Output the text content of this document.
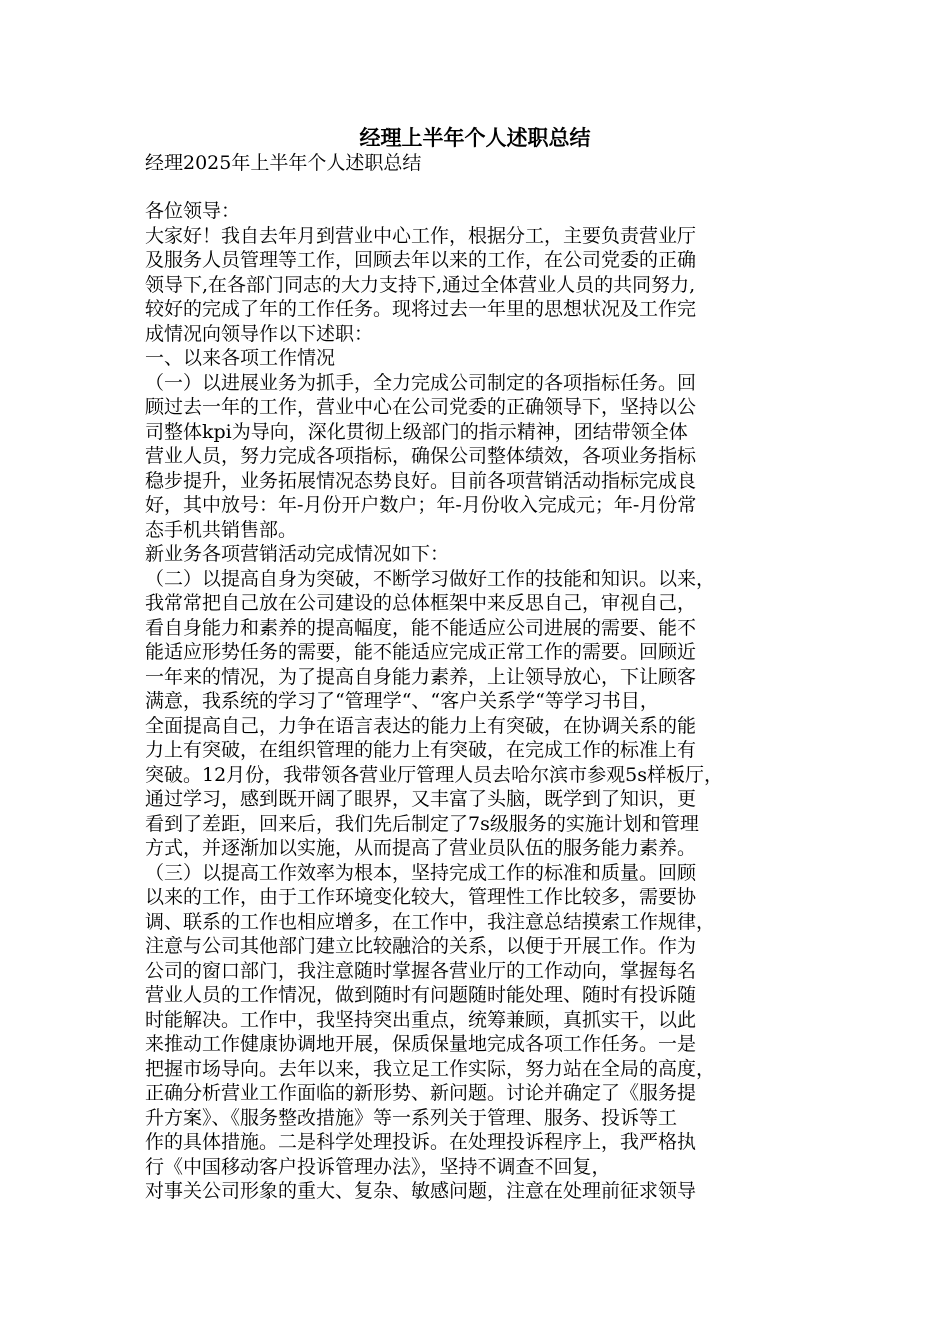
经理上半年个人述职总结

经理2025年上半年个人述职总结

各位领导：
大家好！我自去年月到营业中心工作，根据分工，主要负责营业厅
及服务人员管理等工作，回顾去年以来的工作，在公司党委的正确
领导下,在各部门同志的大力支持下,通过全体营业人员的共同努力,
较好的完成了年的工作任务。现将过去一年里的思想状况及工作完
成情况向领导作以下述职：
一、以来各项工作情况
（一）以进展业务为抓手，全力完成公司制定的各项指标任务。回
顾过去一年的工作，营业中心在公司党委的正确领导下，坚持以公
司整体kpi为导向，深化贯彻上级部门的指示精神，团结带领全体
营业人员，努力完成各项指标，确保公司整体绩效，各项业务指标
稳步提升，业务拓展情况态势良好。目前各项营销活动指标完成良
好，其中放号：年-月份开户数户；年-月份收入完成元；年-月份常
态手机共销售部。
新业务各项营销活动完成情况如下：
（二）以提高自身为突破，不断学习做好工作的技能和知识。以来，
我常常把自己放在公司建设的总体框架中来反思自己，审视自己，
看自身能力和素养的提高幅度，能不能适应公司进展的需要、能不
能适应形势任务的需要，能不能适应完成正常工作的需要。回顾近
一年来的情况，为了提高自身能力素养，上让领导放心，下让顾客
满意，我系统的学习了“管理学“、“客户关系学“等学习书目，
全面提高自己，力争在语言表达的能力上有突破，在协调关系的能
力上有突破，在组织管理的能力上有突破，在完成工作的标准上有
突破。12月份，我带领各营业厅管理人员去哈尔滨市参观5s样板厅，
通过学习，感到既开阔了眼界，又丰富了头脑，既学到了知识，更
看到了差距，回来后，我们先后制定了7s级服务的实施计划和管理
方式，并逐渐加以实施，从而提高了营业员队伍的服务能力素养。
（三）以提高工作效率为根本，坚持完成工作的标准和质量。回顾
以来的工作，由于工作环境变化较大，管理性工作比较多，需要协
调、联系的工作也相应增多，在工作中，我注意总结摸索工作规律，
注意与公司其他部门建立比较融洽的关系，以便于开展工作。作为
公司的窗口部门，我注意随时掌握各营业厅的工作动向，掌握每名
营业人员的工作情况，做到随时有问题随时能处理、随时有投诉随
时能解决。工作中，我坚持突出重点，统筹兼顾，真抓实干，以此
来推动工作健康协调地开展，保质保量地完成各项工作任务。一是
把握市场导向。去年以来，我立足工作实际，努力站在全局的高度，
正确分析营业工作面临的新形势、新问题。讨论并确定了《服务提
升方案》、《服务整改措施》等一系列关于管理、服务、投诉等工
作的具体措施。二是科学处理投诉。在处理投诉程序上，我严格执
行《中国移动客户投诉管理办法》，坚持不调查不回复，
对事关公司形象的重大、复杂、敏感问题，注意在处理前征求领导
